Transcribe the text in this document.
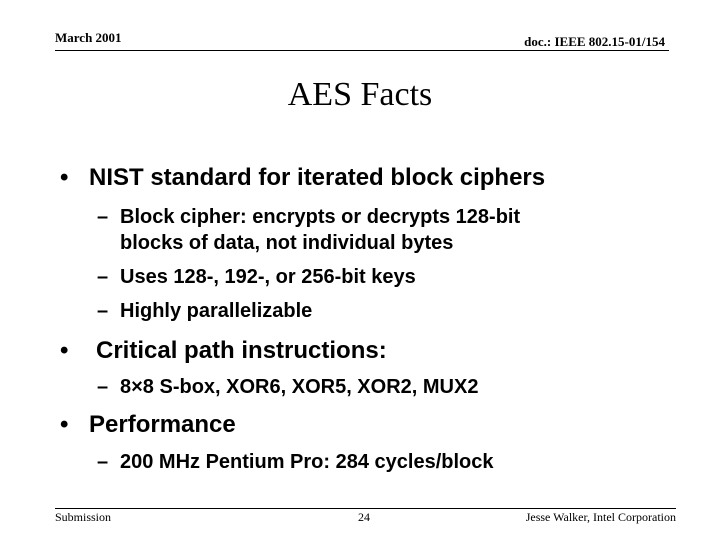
March 2001	doc.: IEEE 802.15-01/154
AES Facts
• NIST standard for iterated block ciphers
– Block cipher: encrypts or decrypts 128-bit
blocks of data, not individual bytes
– Uses 128-, 192-, or 256-bit keys
– Highly parallelizable
• Critical path instructions:
– 8×8 S-box, XOR6, XOR5, XOR2, MUX2
• Performance
– 200 MHz Pentium Pro: 284 cycles/block
Submission	24	Jesse Walker, Intel Corporation
